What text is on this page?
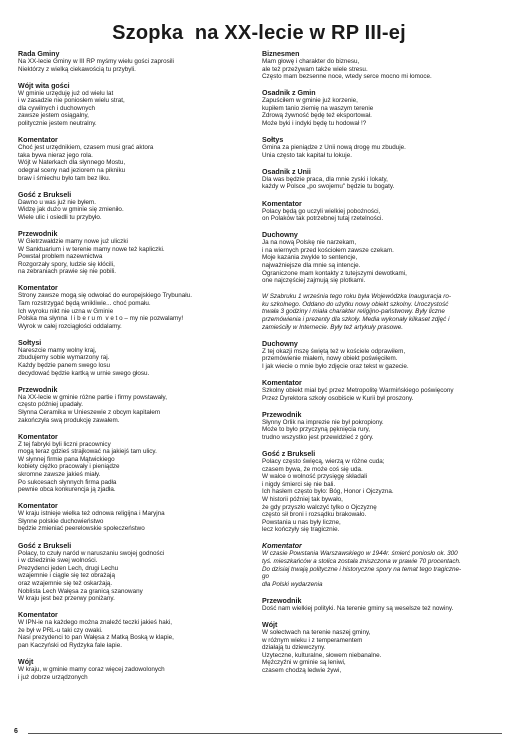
Szopka  na XX-lecie w RP III-ej
Rada Gminy
Na XX-lecie Gminy w III RP myśmy wielu gości zaprosili
Niektórzy z wielką ciekawością tu przybyli.
Wójt wita gości
W gminie urzęduję już od wielu lat
i w zasadzie nie poniosłem wielu strat,
dla cywilnych i duchownych
zawsze jestem osiągalny,
politycznie jestem neutralny.
Komentator
Choć jest urzędnikiem, czasem musi grać aktora
taka bywa nieraz jego rola.
Wójt w Naterkach dla słynnego Mostu,
odegrał sceny nad jeziorem na pikniku
braw i śmiechu było tam bez liku.
Gość z Brukseli
Dawno u was już nie byłem.
Widzę jak dużo w gminie się zmieniło.
Wiele ulic i osiedli tu przybyło.
Przewodnik
W Gietrzwałdzie mamy nowe już uliczki
W Sanktuarium i w terenie mamy nowe też kapliczki.
Powstał problem nazewnictwa
Rozgorzały spory, ludzie się kłócili,
na zebraniach prawie się nie pobili.
Komentator
Strony zawsze mogą się odwołać do europejskiego Trybunału.
Tam rozstrzygać będą wnikliwie... choć pomału.
Ich wyroku nikt nie uzna w Gminie
Polska ma słynna  l i b e r u m  v e t o – my nie pozwalamy!
Wyrok w całej rozciągłości oddalamy.
Sołtysi
Nareszcie mamy wolny kraj,
zbudujemy sobie wymarzony raj.
Każdy będzie panem swego losu
decydować będzie kartką w urnie swego głosu.
Przewodnik
Na XX-lecie w gminie różne partie i firmy powstawały,
często później upadały.
Słynna Ceramika w Unieszewie z obcym kapitałem
zakończyła swą produkcję zawałem.
Komentator
Z tej fabryki byli liczni pracownicy
mogą teraz gdzieś strajkować na jakiejś tam ulicy.
W słynnej firmie pana Mątwickiego
kobiety ciężko pracowały i pieniądze
skromne zawsze jakieś miały.
Po sukcesach słynnych firma padła
pewnie obca konkurencja ją zjadła.
Komentator
W kraju istnieje wielka też odnowa religijna i Maryjna
Słynne polskie duchowieństwo
będzie zmieniać peerelowskie społeczeństwo
Gość z Brukseli
Polacy, to czuły naród w naruszaniu swojej godności
i w dziedzinie swej wolności.
Prezydenci jeden Lech, drugi Lechu
wzajemnie i ciągle się tez obrażają
oraz wzajemnie się też oskarżają.
Noblista Lech Wałęsa za granicą szanowany
W kraju jest bez przerwy poniżany.
Komentator
W IPN-ie na każdego można znaleźć teczki jakieś haki,
że był w PRL-u taki czy owaki.
Nasi prezydenci to pan Wałęsa z Matką Boską w klapie,
pan Kaczyński od Rydzyka fale łapie.
Wójt
W kraju, w gminie mamy coraz więcej zadowolonych
i już dobrze urządzonych
Biznesmen
Mam głowę i charakter do biznesu,
ale też przeżywam także wiele stresu.
Często mam bezsenne noce, wtedy serce mocno mi łomoce.
Osadnik z Gmin
Zapuściłem w gminie już korzenie,
kupiłem tanio ziemię na waszym terenie
Zdrową żywność będę też eksportował.
Może byki i indyki będę tu hodował !?
Sołtys
Gmina za pieniądze z Unii nową drogę mu zbuduje.
Unia często tak kapitał tu lokuje.
Osadnik z Unii
Dla was będzie praca, dla mnie zyski i lokaty,
każdy w Polsce „po swojemu" będzie tu bogaty.
Komentator
Polacy będą go uczyli wielkiej pobożności,
on Polaków tak potrzebnej tutaj rzetelności.
Duchowny
Ja na nową Polskę nie narzekam,
i na wiernych przed kościołem zawsze czekam.
Moje kazania zwykle to sentencje,
najważniejsze dla mnie są intencje.
Ograniczone mam kontakty z tutejszymi dewotkami,
one najczęściej zajmują się plotkami.
W Szabruku 1 września tego roku była Wojewódzka Inauguracja ro-
ku szkolnego. Oddano do użytku nowy obiekt szkolny. Uroczystość
trwała 3 godziny i miała charakter religijno-państwowy. Były liczne
przemówienia i prezenty dla szkoły. Media wykonały kilkaset zdjęć i
zamieściły w Internecie. Były też artykuły prasowe.
Duchowny
Z tej okazji mszę świętą też w kościele odprawiłem,
przemówienie miałem, nowy obiekt poświęciłem.
I jak wiecie o mnie było zdjęcie oraz tekst w gazecie.
Komentator
Szkolny obiekt miał być przez Metropolitę Warmińskiego poświęcony
Przez Dyrektora szkoły osobiście w Kurii był proszony.
Przewodnik
Słynny Orlik na imprezie nie był pokropiony.
Może to było przyczyną pęknięcia rury,
trudno wszystko jest przewidzieć z góry.
Gość z Brukseli
Polacy często święcą, wierzą w różne cuda;
czasem bywa, że może coś się uda.
W walce o wolność przysięgę składali
i nigdy śmierci się nie bali.
Ich hasłem często było: Bóg, Honor i Ojczyzna.
W historii później tak bywało,
że gdy przyszło walczyć tylko o Ojczyznę
często sił broni i rozsądku brakowało.
Powstania u nas były liczne,
lecz kończyły się tragicznie.
Komentator
W czasie Powstania Warszawskiego w 1944r. śmierć poniosło ok. 300
tyś. mieszkańców a stolica została zniszczona w prawie 70 procentach.
Do dzisiaj trwają polityczne i historyczne spory na temat tego tragiczne-
go
dla Polski wydarzenia
Przewodnik
Dość nam wielkiej polityki. Na terenie gminy są weselsze też nowiny.
Wójt
W sołectwach na terenie naszej gminy,
w różnym wieku i z temperamentem
działają tu dziewczyny.
Uzyteczne, kulturalne, słowem niebanalne.
Mężczyźni w gminie są leniwi,
czasem chodzą ledwie żywi,
6
